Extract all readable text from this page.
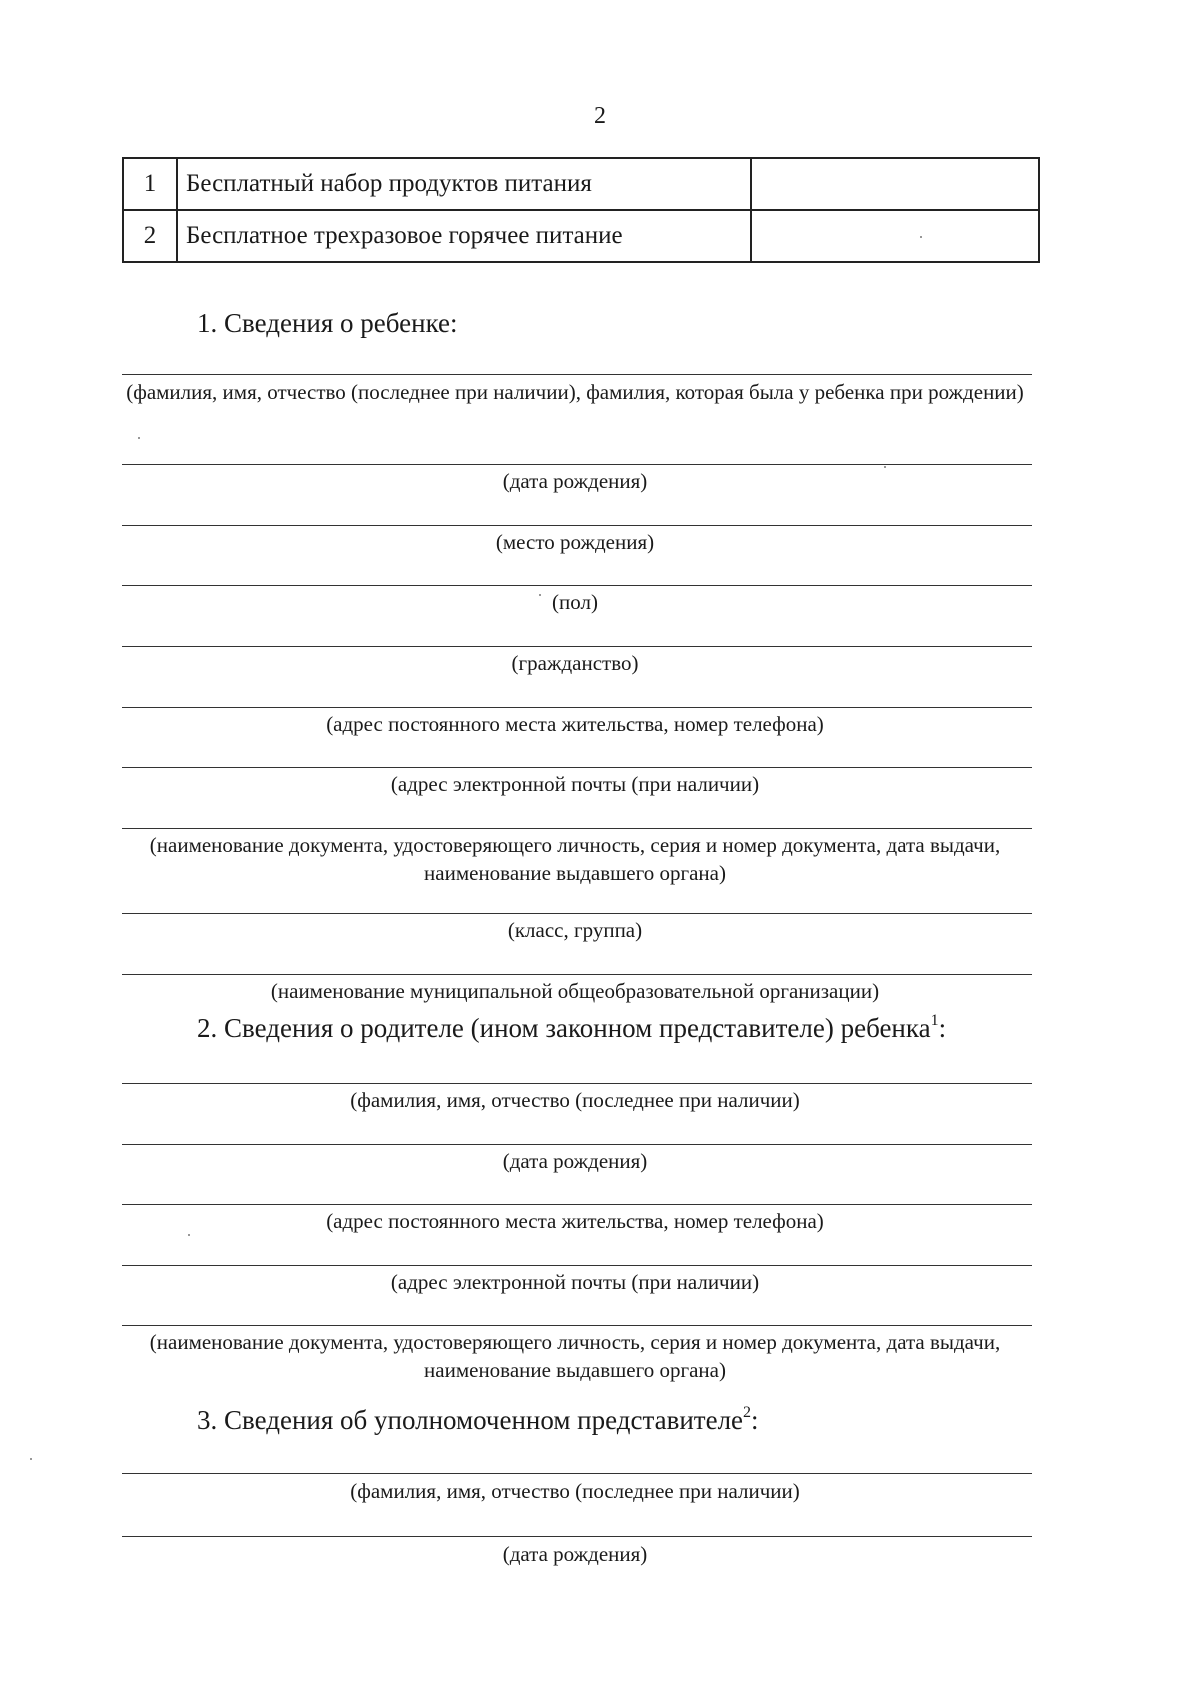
2
1	Бесплатный набор продуктов питания	
2	Бесплатное трехразовое горячее питание	
1. Сведения о ребенке:
(фамилия, имя, отчество (последнее при наличии), фамилия, которая была у ребенка при рождении)
(дата рождения)
(место рождения)
(пол)
(гражданство)
(адрес постоянного места жительства, номер телефона)
(адрес электронной почты (при наличии)
(наименование документа, удостоверяющего личность, серия и номер документа, дата выдачи, наименование выдавшего органа)
(класс, группа)
(наименование муниципальной общеобразовательной организации)
2. Сведения о родителе (ином законном представителе) ребенка$^1$:
(фамилия, имя, отчество (последнее при наличии)
(дата рождения)
(адрес постоянного места жительства, номер телефона)
(адрес электронной почты (при наличии)
(наименование документа, удостоверяющего личность, серия и номер документа, дата выдачи, наименование выдавшего органа)
3. Сведения об уполномоченном представителе$^2$:
(фамилия, имя, отчество (последнее при наличии)
(дата рождения)
